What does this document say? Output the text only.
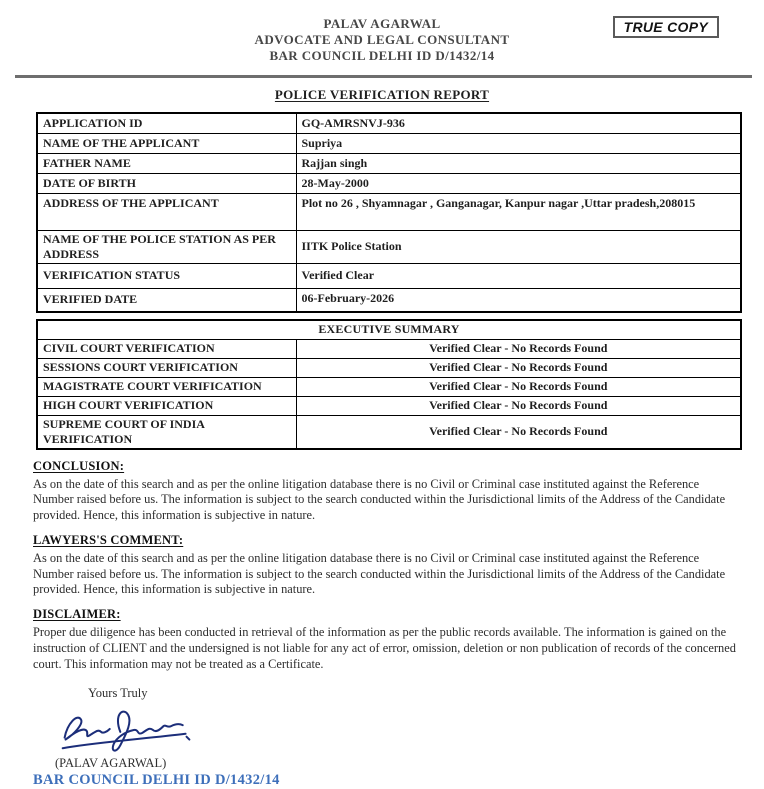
PALAV AGARWAL
ADVOCATE AND LEGAL CONSULTANT
BAR COUNCIL DELHI ID D/1432/14
TRUE COPY
POLICE VERIFICATION REPORT
APPLICATION ID	GQ-AMRSNVJ-936
NAME OF THE APPLICANT	Supriya
FATHER NAME	Rajjan singh
DATE OF BIRTH	28-May-2000
ADDRESS OF THE APPLICANT	Plot no 26 , Shyamnagar , Ganganagar, Kanpur nagar ,Uttar pradesh,208015
NAME OF THE POLICE STATION AS PER ADDRESS	IITK Police Station
VERIFICATION STATUS	Verified Clear
VERIFIED DATE	06-February-2026
EXECUTIVE SUMMARY	
CIVIL COURT VERIFICATION	Verified Clear - No Records Found
SESSIONS COURT VERIFICATION	Verified Clear - No Records Found
MAGISTRATE COURT VERIFICATION	Verified Clear - No Records Found
HIGH COURT VERIFICATION	Verified Clear - No Records Found
SUPREME COURT OF INDIA VERIFICATION	Verified Clear - No Records Found
CONCLUSION:

As on the date of this search and as per the online litigation database there is no Civil or Criminal case instituted against the Reference Number raised before us. The information is subject to the search conducted within the Jurisdictional limits of the Address of the Candidate provided. Hence, this information is subjective in nature.

LAWYERS'S COMMENT:

As on the date of this search and as per the online litigation database there is no Civil or Criminal case instituted against the Reference Number raised before us. The information is subject to the search conducted within the Jurisdictional limits of the Address of the Candidate provided. Hence, this information is subjective in nature.

DISCLAIMER:

Proper due diligence has been conducted in retrieval of the information as per the public records available. The information is gained on the instruction of CLIENT and the undersigned is not liable for any act of error, omission, deletion or non publication of records of the concerned court. This information may not be treated as a Certificate.

Yours Truly
(PALAV AGARWAL)
BAR COUNCIL DELHI ID D/1432/14
